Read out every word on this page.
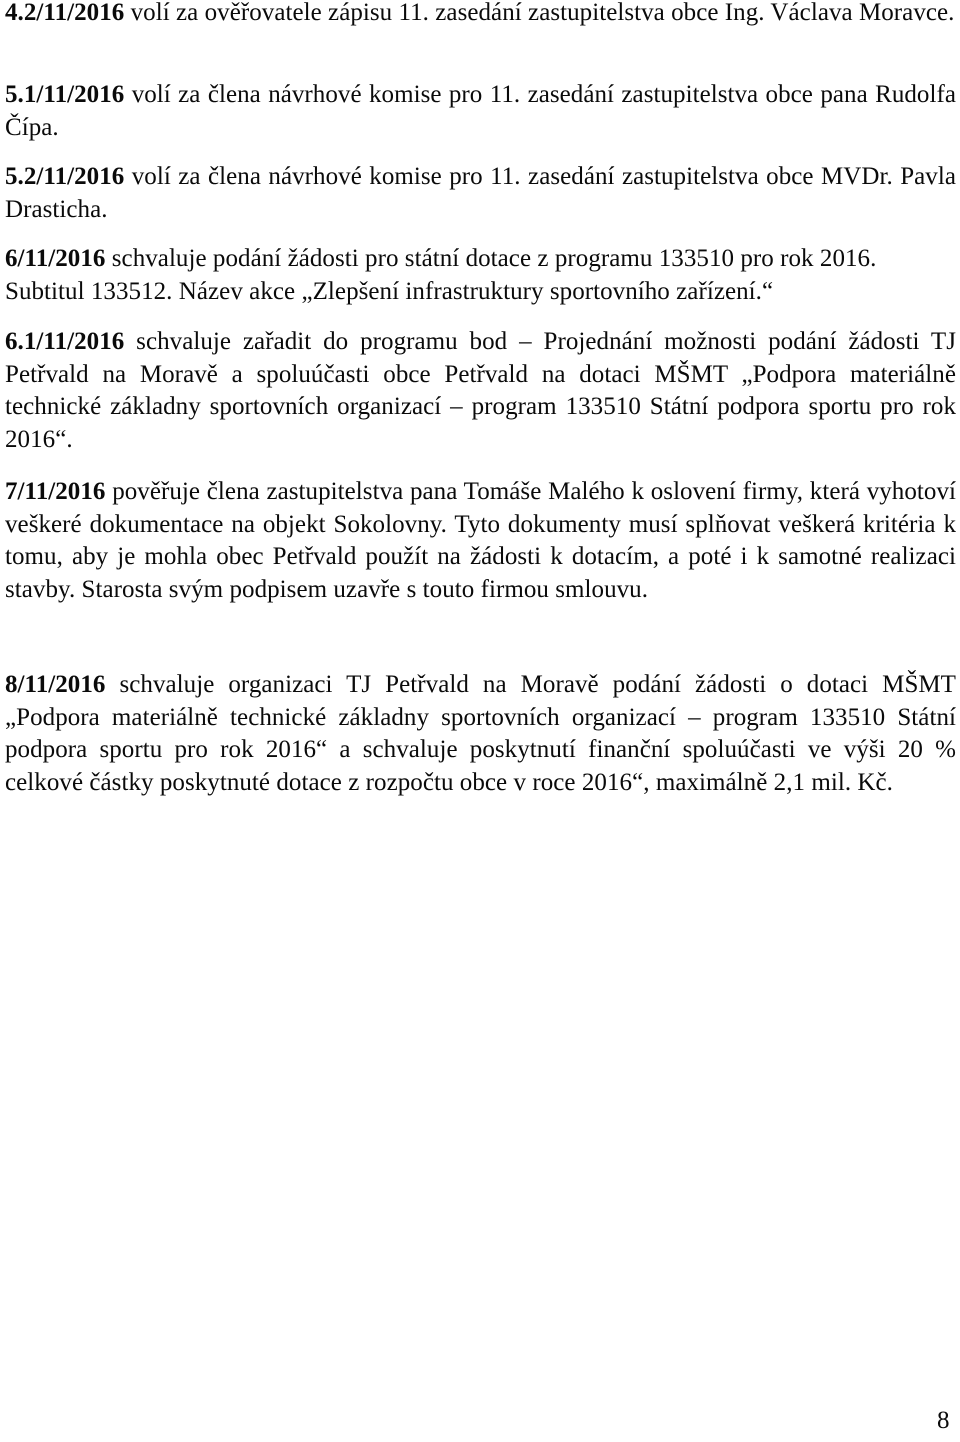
4.2/11/2016 volí za ověřovatele zápisu 11. zasedání zastupitelstva obce Ing. Václava Moravce.

5.1/11/2016 volí za člena návrhové komise pro 11. zasedání zastupitelstva obce pana Rudolfa Čípa.

5.2/11/2016 volí za člena návrhové komise pro 11. zasedání zastupitelstva obce MVDr. Pavla Drasticha.

6/11/2016 schvaluje podání žádosti pro státní dotace z programu 133510 pro rok 2016. Subtitul 133512. Název akce „Zlepšení infrastruktury sportovního zařízení.“

6.1/11/2016 schvaluje zařadit do programu bod – Projednání možnosti podání žádosti TJ Petřvald na Moravě a spoluúčasti obce Petřvald na dotaci MŠMT „Podpora materiálně technické základny sportovních organizací – program 133510 Státní podpora sportu pro rok 2016“.

7/11/2016 pověřuje člena zastupitelstva pana Tomáše Malého k oslovení firmy, která vyhotoví veškeré dokumentace na objekt Sokolovny. Tyto dokumenty musí splňovat veškerá kritéria k tomu, aby je mohla obec Petřvald použít na žádosti k dotacím, a poté i k samotné realizaci stavby. Starosta svým podpisem uzavře s touto firmou smlouvu.

8/11/2016 schvaluje organizaci TJ Petřvald na Moravě podání žádosti o dotaci MŠMT „Podpora materiálně technické základny sportovních organizací – program 133510 Státní podpora sportu pro rok 2016“ a schvaluje poskytnutí finanční spoluúčasti ve výši 20 % celkové částky poskytnuté dotace z rozpočtu obce v roce 2016“, maximálně 2,1 mil. Kč.

8
